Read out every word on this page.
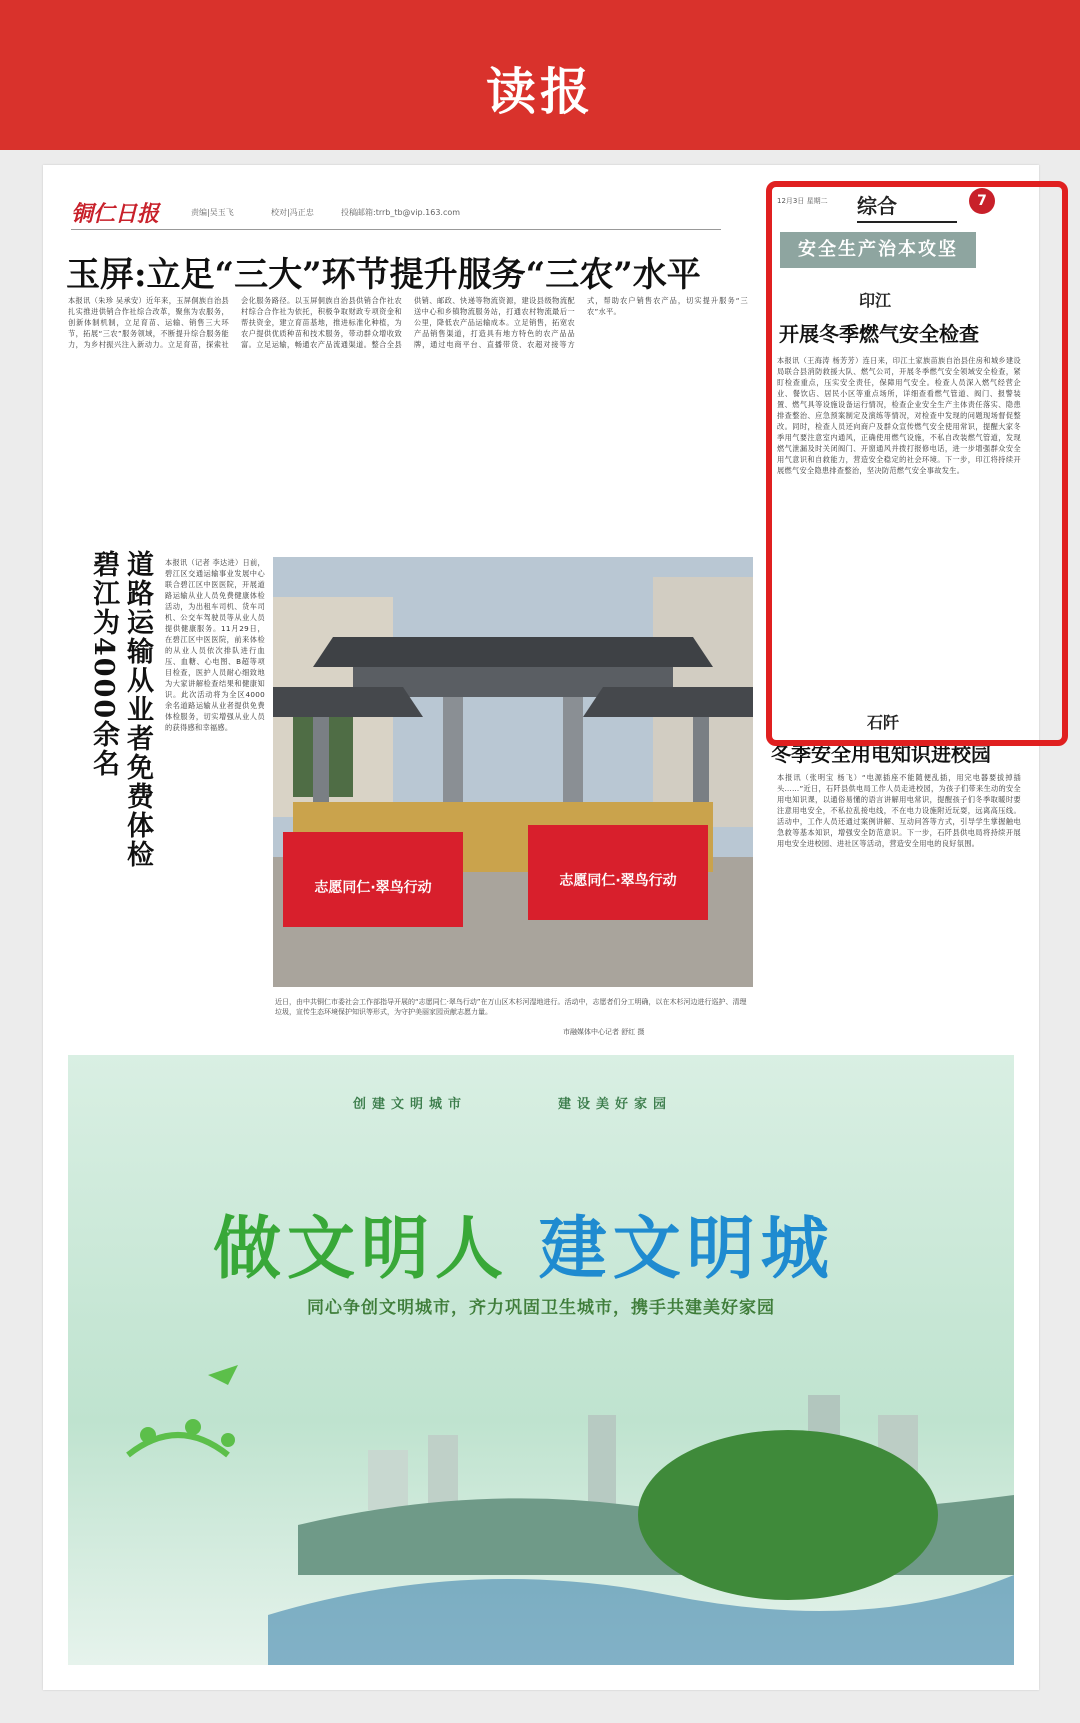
读报
铜仁日报	责编|吴玉飞	校对|冯正忠	投稿邮箱:trrb_tb@vip.163.com
玉屏:立足“三大”环节提升服务“三农”水平
本报讯（朱珍 吴承安）近年来，玉屏侗族自治县扎实推进供销合作社综合改革，聚焦为农服务，创新体制机制，立足育苗、运输、销售三大环节，拓展“三农”服务领域，不断提升综合服务能力，为乡村振兴注入新动力。立足育苗，探索社会化服务路径。以玉屏侗族自治县供销合作社农村综合合作社为依托，积极争取财政专项资金和帮扶资金，建立育苗基地，推进标准化种植，为农户提供优质种苗和技术服务，带动群众增收致富。立足运输，畅通农产品流通渠道。整合全县供销、邮政、快递等物流资源，建设县级物流配送中心和乡镇物流服务站，打通农村物流最后一公里，降低农产品运输成本。立足销售，拓宽农产品销售渠道，打造具有地方特色的农产品品牌，通过电商平台、直播带货、农超对接等方式，帮助农户销售农产品，切实提升服务“三农”水平。
道路运输从业者免费体检
碧江为4000余名	本报讯（记者 李达进）日前，碧江区交通运输事业发展中心联合碧江区中医医院，开展道路运输从业人员免费健康体检活动，为出租车司机、货车司机、公交车驾驶员等从业人员提供健康服务。11月29日，在碧江区中医医院，前来体检的从业人员依次排队进行血压、血糖、心电图、B超等项目检查，医护人员耐心细致地为大家讲解检查结果和健康知识。此次活动将为全区4000余名道路运输从业者提供免费体检服务，切实增强从业人员的获得感和幸福感。
志愿同仁·翠鸟行动	志愿同仁·翠鸟行动
近日，由中共铜仁市委社会工作部指导开展的“志愿同仁·翠鸟行动”在万山区木杉河湿地进行。活动中，志愿者们分工明确，以在木杉河边进行巡护、清理垃圾，宣传生态环境保护知识等形式，为守护美丽家园贡献志愿力量。
市融媒体中心记者 舒红 摄
12月3日 星期二 综合	7
安全生产治本攻坚
印江
开展冬季燃气安全检查
本报讯（王海涛 杨芳芳）连日来，印江土家族苗族自治县住房和城乡建设局联合县消防救援大队、燃气公司，开展冬季燃气安全领域安全检查，紧盯检查重点，压实安全责任，保障用气安全。检查人员深入燃气经营企业、餐饮店、居民小区等重点场所，详细查看燃气管道、阀门、报警装置、燃气具等设施设备运行情况，检查企业安全生产主体责任落实、隐患排查整治、应急预案制定及演练等情况，对检查中发现的问题现场督促整改。同时，检查人员还向商户及群众宣传燃气安全使用常识，提醒大家冬季用气要注意室内通风，正确使用燃气设施，不私自改装燃气管道，发现燃气泄漏及时关闭阀门、开窗通风并拨打报修电话，进一步增强群众安全用气意识和自救能力，营造安全稳定的社会环境。下一步，印江将持续开展燃气安全隐患排查整治，坚决防范燃气安全事故发生。
石阡
冬季安全用电知识进校园
本报讯（张明宝 杨飞）“电源插座不能随便乱插，用完电器要拔掉插头……”近日，石阡县供电局工作人员走进校园，为孩子们带来生动的安全用电知识课，以通俗易懂的语言讲解用电常识，提醒孩子们冬季取暖时要注意用电安全，不私拉乱接电线，不在电力设施附近玩耍，远离高压线。活动中，工作人员还通过案例讲解、互动问答等方式，引导学生掌握触电急救等基本知识，增强安全防范意识。下一步，石阡县供电局将持续开展用电安全进校园、进社区等活动，营造安全用电的良好氛围。
创建文明城市	建设美好家园
做文明人 建文明城
同心争创文明城市，齐力巩固卫生城市，携手共建美好家园
